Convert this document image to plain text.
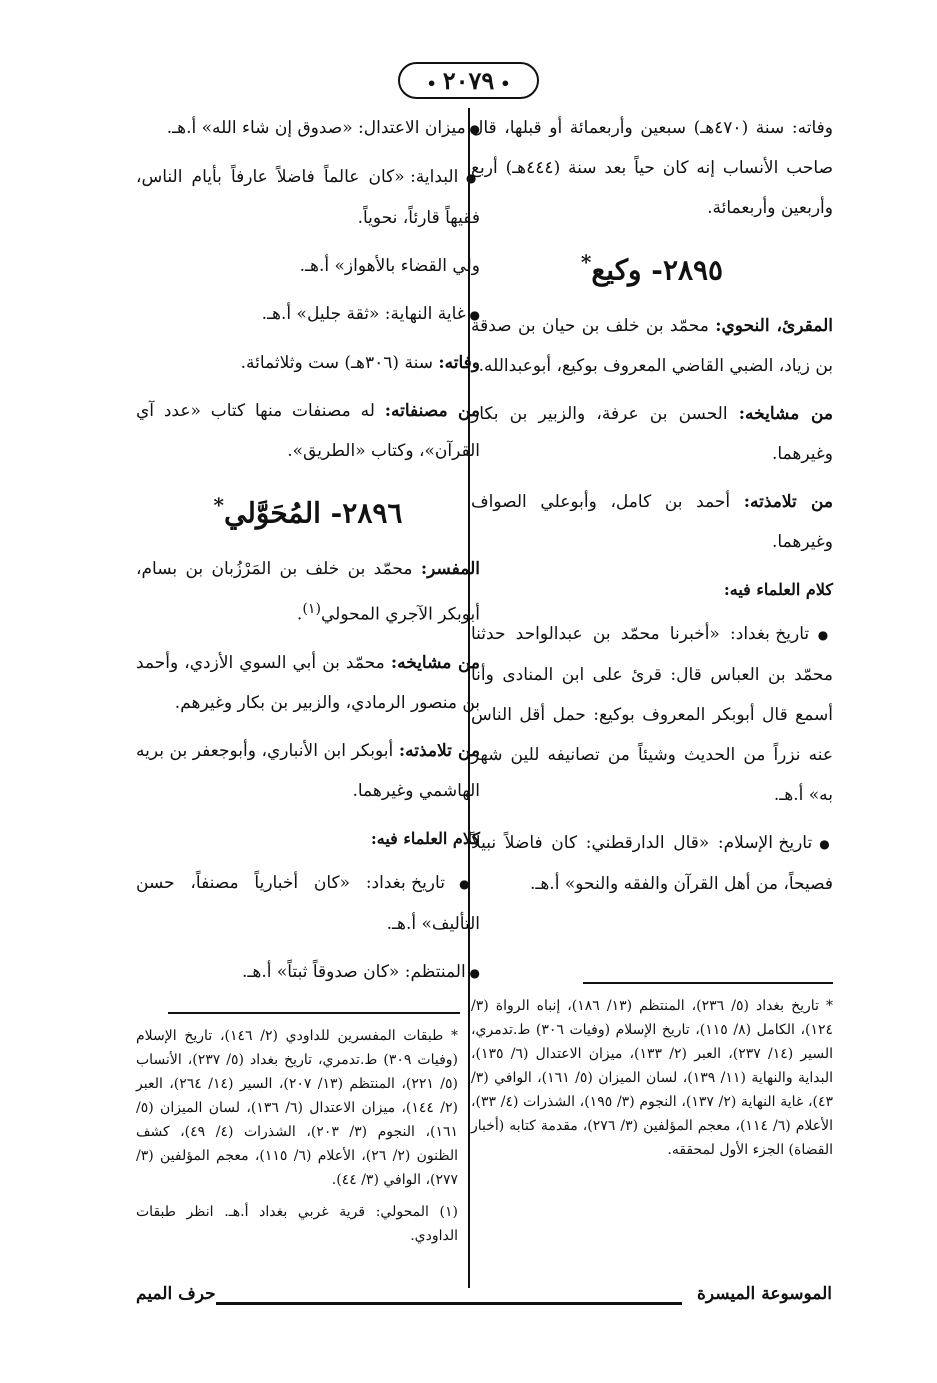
• ٢٠٧٩ •

وفاته: سنة (٤٧٠هـ) سبعين وأربعمائة أو قبلها، قال صاحب الأنساب إنه كان حياً بعد سنة (٤٤٤هـ) أربع وأربعين وأربعمائة.

٢٨٩٥- وكيع*

المقرئ، النحوي: محمّد بن خلف بن حيان بن صدقة بن زياد، الضبي القاضي المعروف بوكيع، أبوعبدالله.

من مشايخه: الحسن بن عرفة، والزبير بن بكار وغيرهما.

من تلامذته: أحمد بن كامل، وأبوعلي الصواف وغيرهما.

كلام العلماء فيه:

● تاريخ بغداد: «أخبرنا محمّد بن عبدالواحد حدثنا محمّد بن العباس قال: قرئ على ابن المنادى وأنا أسمع قال أبوبكر المعروف بوكيع: حمل أقل الناس عنه نزراً من الحديث وشيئاً من تصانيفه للين شهر به» أ.هـ.

● تاريخ الإسلام: «قال الدارقطني: كان فاضلاً نبيلاً فصيحاً، من أهل القرآن والفقه والنحو» أ.هـ.

● ميزان الاعتدال: «صدوق إن شاء الله» أ.هـ.

● البداية: «كان عالماً فاضلاً عارفاً بأيام الناس، فقيهاً قارئاً، نحوياً.

ولي القضاء بالأهواز» أ.هـ.

● غاية النهاية: «ثقة جليل» أ.هـ.

وفاته: سنة (٣٠٦هـ) ست وثلاثمائة.

من مصنفاته: له مصنفات منها كتاب «عدد آي القرآن»، وكتاب «الطريق».

٢٨٩٦- المُحَوَّلي*

المفسر: محمّد بن خلف بن المَرْزُبان بن بسام، أبوبكر الآجري المحولي$^{(١)}$.

من مشايخه: محمّد بن أبي السوي الأزدي، وأحمد بن منصور الرمادي، والزبير بن بكار وغيرهم.

من تلامذته: أبوبكر ابن الأنباري، وأبوجعفر بن بريه الهاشمي وغيرهما.

كلام العلماء فيه:

● تاريخ بغداد: «كان أخبارياً مصنفاً، حسن التأليف» أ.هـ.

● المنتظم: «كان صدوقاً ثبتاً» أ.هـ.

* تاريخ بغداد (٥/ ٢٣٦)، المنتظم (١٣/ ١٨٦)، إنباه الرواة (٣/ ١٢٤)، الكامل (٨/ ١١٥)، تاريخ الإسلام (وفيات ٣٠٦) ط.تدمري، السير (١٤/ ٢٣٧)، العبر (٢/ ١٣٣)، ميزان الاعتدال (٦/ ١٣٥)، البداية والنهاية (١١/ ١٣٩)، لسان الميزان (٥/ ١٦١)، الوافي (٣/ ٤٣)، غاية النهاية (٢/ ١٣٧)، النجوم (٣/ ١٩٥)، الشذرات (٤/ ٣٣)، الأعلام (٦/ ١١٤)، معجم المؤلفين (٣/ ٢٧٦)، مقدمة كتابه (أخبار القضاة) الجزء الأول لمحققه.

* طبقات المفسرين للداودي (٢/ ١٤٦)، تاريخ الإسلام (وفيات ٣٠٩) ط.تدمري، تاريخ بغداد (٥/ ٢٣٧)، الأنساب (٥/ ٢٢١)، المنتظم (١٣/ ٢٠٧)، السير (١٤/ ٢٦٤)، العبر (٢/ ١٤٤)، ميزان الاعتدال (٦/ ١٣٦)، لسان الميزان (٥/ ١٦١)، النجوم (٣/ ٢٠٣)، الشذرات (٤/ ٤٩)، كشف الظنون (٢/ ٢٦)، الأعلام (٦/ ١١٥)، معجم المؤلفين (٣/ ٢٧٧)، الوافي (٣/ ٤٤).

(١) المحولي: قرية غربي بغداد أ.هـ. انظر طبقات الداودي.

الموسوعة الميسرة
حرف الميم
